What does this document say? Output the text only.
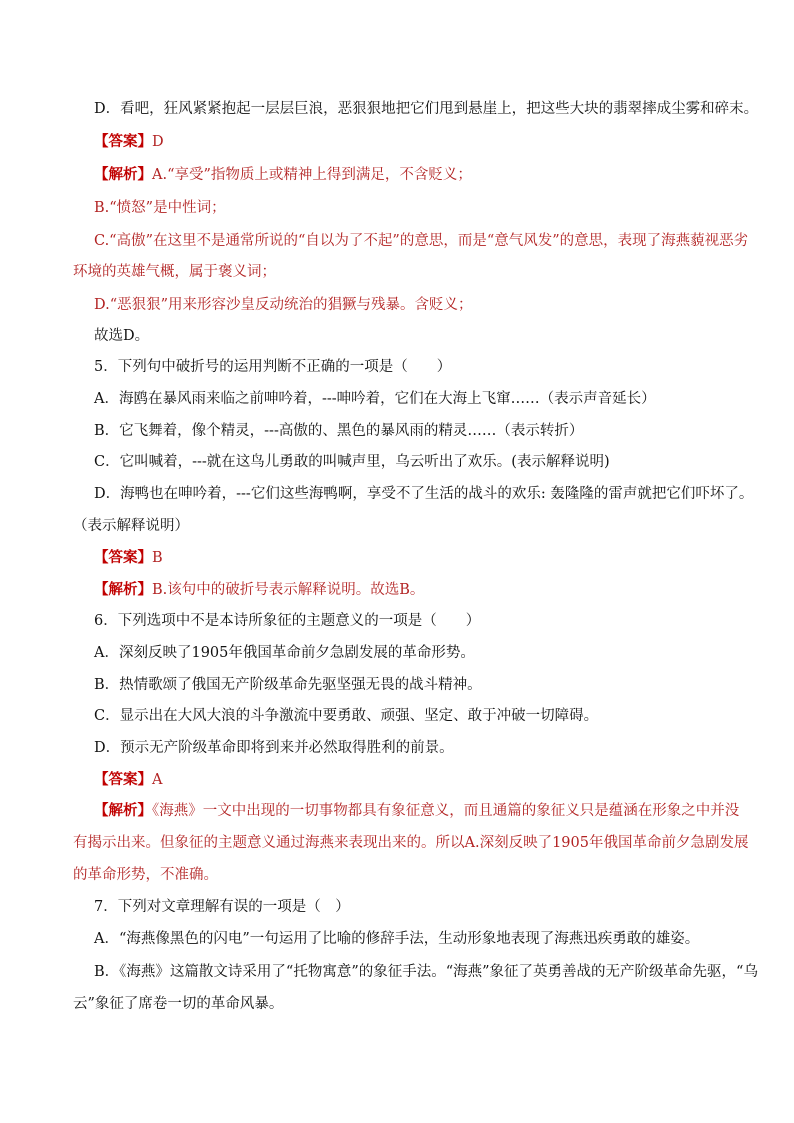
D．看吧，狂风紧紧抱起一层层巨浪，恶狠狠地把它们甩到悬崖上，把这些大块的翡翠摔成尘雾和碎末。
【答案】D
【解析】A.“享受”指物质上或精神上得到满足，不含贬义；
B.“愤怒”是中性词；
C.“高傲”在这里不是通常所说的“自以为了不起”的意思，而是“意气风发”的意思，表现了海燕藐视恶劣
环境的英雄气概，属于褒义词；
D.“恶狠狠”用来形容沙皇反动统治的猖獗与残暴。含贬义；
故选D。
5．下列句中破折号的运用判断不正确的一项是（　　）
A．海鸥在暴风雨来临之前呻吟着，---呻吟着，它们在大海上飞窜……（表示声音延长）
B．它飞舞着，像个精灵，---高傲的、黑色的暴风雨的精灵……（表示转折）
C．它叫喊着，---就在这鸟儿勇敢的叫喊声里，乌云听出了欢乐。(表示解释说明)
D．海鸭也在呻吟着，---它们这些海鸭啊，享受不了生活的战斗的欢乐: 轰隆隆的雷声就把它们吓坏了。
（表示解释说明）
【答案】B
【解析】B.该句中的破折号表示解释说明。故选B。
6．下列选项中不是本诗所象征的主题意义的一项是（　　）
A．深刻反映了1905年俄国革命前夕急剧发展的革命形势。
B．热情歌颂了俄国无产阶级革命先驱坚强无畏的战斗精神。
C．显示出在大风大浪的斗争激流中要勇敢、顽强、坚定、敢于冲破一切障碍。
D．预示无产阶级革命即将到来并必然取得胜利的前景。
【答案】A
【解析】《海燕》一文中出现的一切事物都具有象征意义，而且通篇的象征义只是蕴涵在形象之中并没
有揭示出来。但象征的主题意义通过海燕来表现出来的。所以A.深刻反映了1905年俄国革命前夕急剧发展
的革命形势，不准确。
7．下列对文章理解有误的一项是（　）
A．“海燕像黑色的闪电”一句运用了比喻的修辞手法，生动形象地表现了海燕迅疾勇敢的雄姿。
B．《海燕》这篇散文诗采用了“托物寓意”的象征手法。“海燕”象征了英勇善战的无产阶级革命先驱，“乌
云”象征了席卷一切的革命风暴。
